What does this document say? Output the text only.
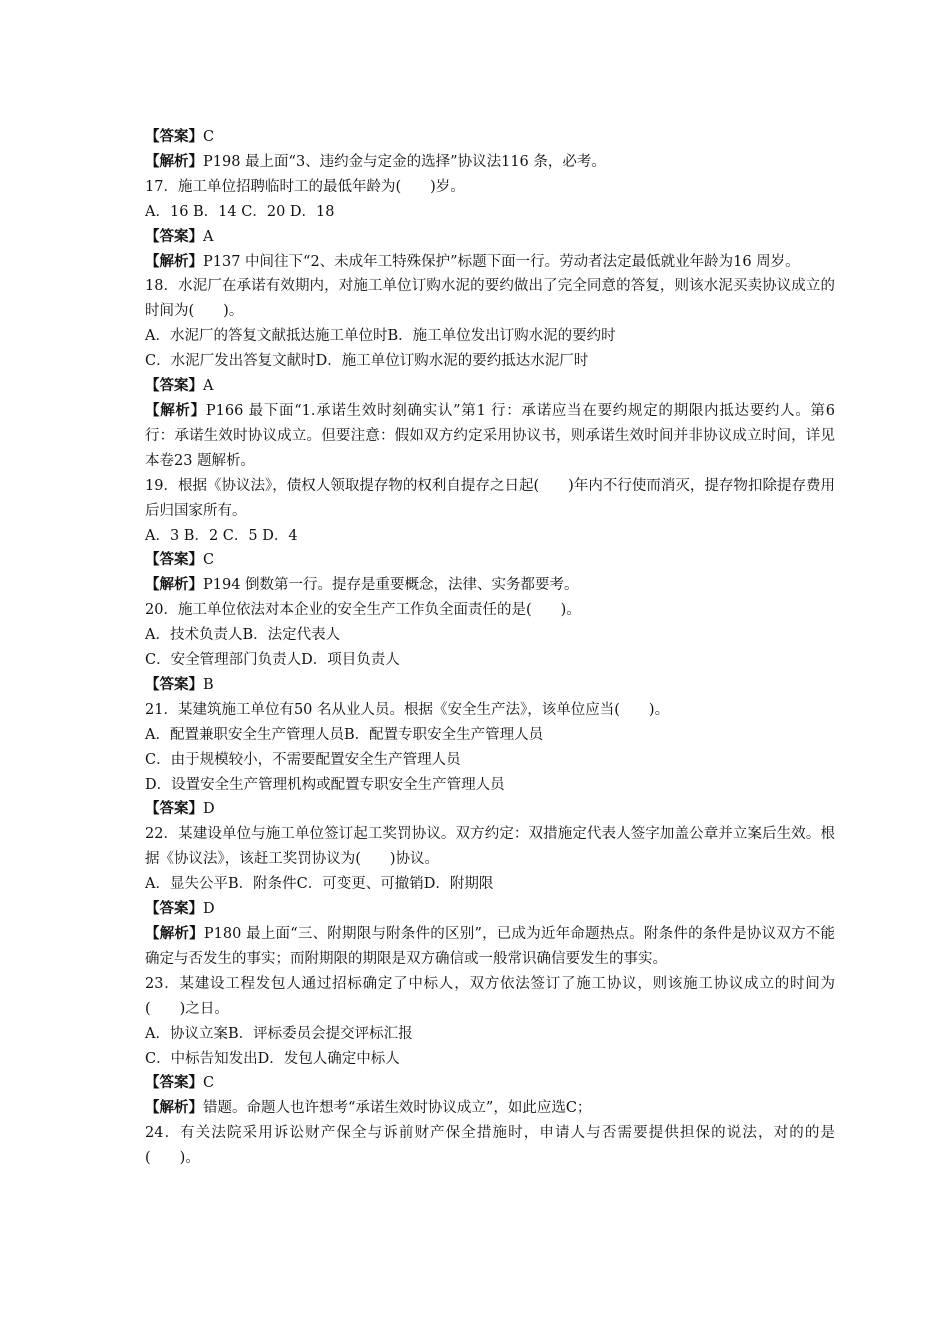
【答案】C
【解析】P198 最上面“3、违约金与定金的选择”协议法116 条，必考。
17．施工单位招聘临时工的最低年龄为(　　)岁。
A．16 B．14 C．20 D．18
【答案】A
【解析】P137 中间往下“2、未成年工特殊保护”标题下面一行。劳动者法定最低就业年龄为16 周岁。
18．水泥厂在承诺有效期内，对施工单位订购水泥的要约做出了完全同意的答复，则该水泥买卖协议成立的时间为(　　)。
A．水泥厂的答复文献抵达施工单位时B．施工单位发出订购水泥的要约时
C．水泥厂发出答复文献时D．施工单位订购水泥的要约抵达水泥厂时
【答案】A
【解析】P166 最下面“1.承诺生效时刻确实认”第1 行：承诺应当在要约规定的期限内抵达要约人。第6 行：承诺生效时协议成立。但要注意：假如双方约定采用协议书，则承诺生效时间并非协议成立时间，详见本卷23 题解析。
19．根据《协议法》，债权人领取提存物的权利自提存之日起(　　)年内不行使而消灭，提存物扣除提存费用后归国家所有。
A．3 B．2 C．5 D．4
【答案】C
【解析】P194 倒数第一行。提存是重要概念，法律、实务都要考。
20．施工单位依法对本企业的安全生产工作负全面责任的是(　　)。
A．技术负责人B．法定代表人
C．安全管理部门负责人D．项目负责人
【答案】B
21．某建筑施工单位有50 名从业人员。根据《安全生产法》，该单位应当(　　)。
A．配置兼职安全生产管理人员B．配置专职安全生产管理人员
C．由于规模较小，不需要配置安全生产管理人员
D．设置安全生产管理机构或配置专职安全生产管理人员
【答案】D
22．某建设单位与施工单位签订起工奖罚协议。双方约定：双措施定代表人签字加盖公章并立案后生效。根据《协议法》，该赶工奖罚协议为(　　)协议。
A．显失公平B．附条件C．可变更、可撤销D．附期限
【答案】D
【解析】P180 最上面“三、附期限与附条件的区别”，已成为近年命题热点。附条件的条件是协议双方不能确定与否发生的事实；而附期限的期限是双方确信或一般常识确信要发生的事实。
23．某建设工程发包人通过招标确定了中标人，双方依法签订了施工协议，则该施工协议成立的时间为(　　)之日。
A．协议立案B．评标委员会提交评标汇报
C．中标告知发出D．发包人确定中标人
【答案】C
【解析】错题。命题人也许想考“承诺生效时协议成立”，如此应选C；
24．有关法院采用诉讼财产保全与诉前财产保全措施时，申请人与否需要提供担保的说法，对的的是(　　)。
